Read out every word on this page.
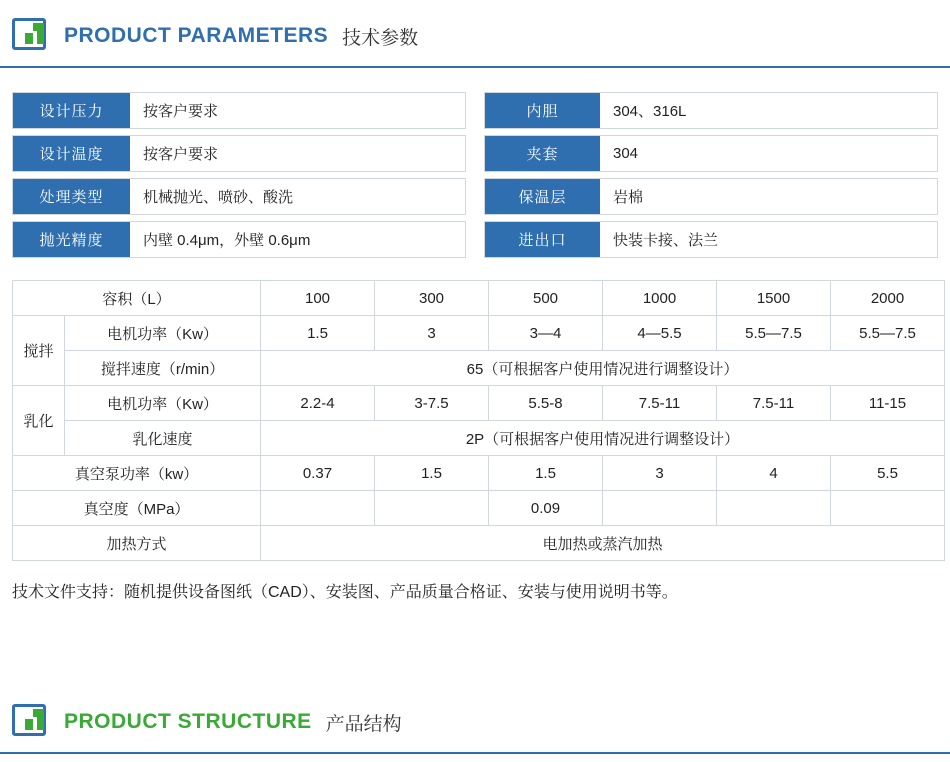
PRODUCT PARAMETERS 技术参数
设计压力	按客户要求
设计温度	按客户要求
处理类型	机械抛光、喷砂、酸洗
抛光精度	内壁 0.4μm，外壁 0.6μm
内胆	304、316L
夹套	304
保温层	岩棉
进出口	快装卡接、法兰
容积（L）		100	300	500	1000	1500	2000
搅拌	电机功率（Kw）	1.5	3	3—4	4—5.5	5.5—7.5	5.5—7.5
	搅拌速度（r/min）	65（可根据客户使用情况进行调整设计）					
乳化	电机功率（Kw）	2.2-4	3-7.5	5.5-8	7.5-11	7.5-11	11-15
	乳化速度	2P（可根据客户使用情况进行调整设计）					
真空泵功率（kw）		0.37	1.5	1.5	3	4	5.5
真空度（MPa）				0.09			
加热方式		电加热或蒸汽加热					
技术文件支持：随机提供设备图纸（CAD）、安装图、产品质量合格证、安装与使用说明书等。
PRODUCT STRUCTURE 产品结构
